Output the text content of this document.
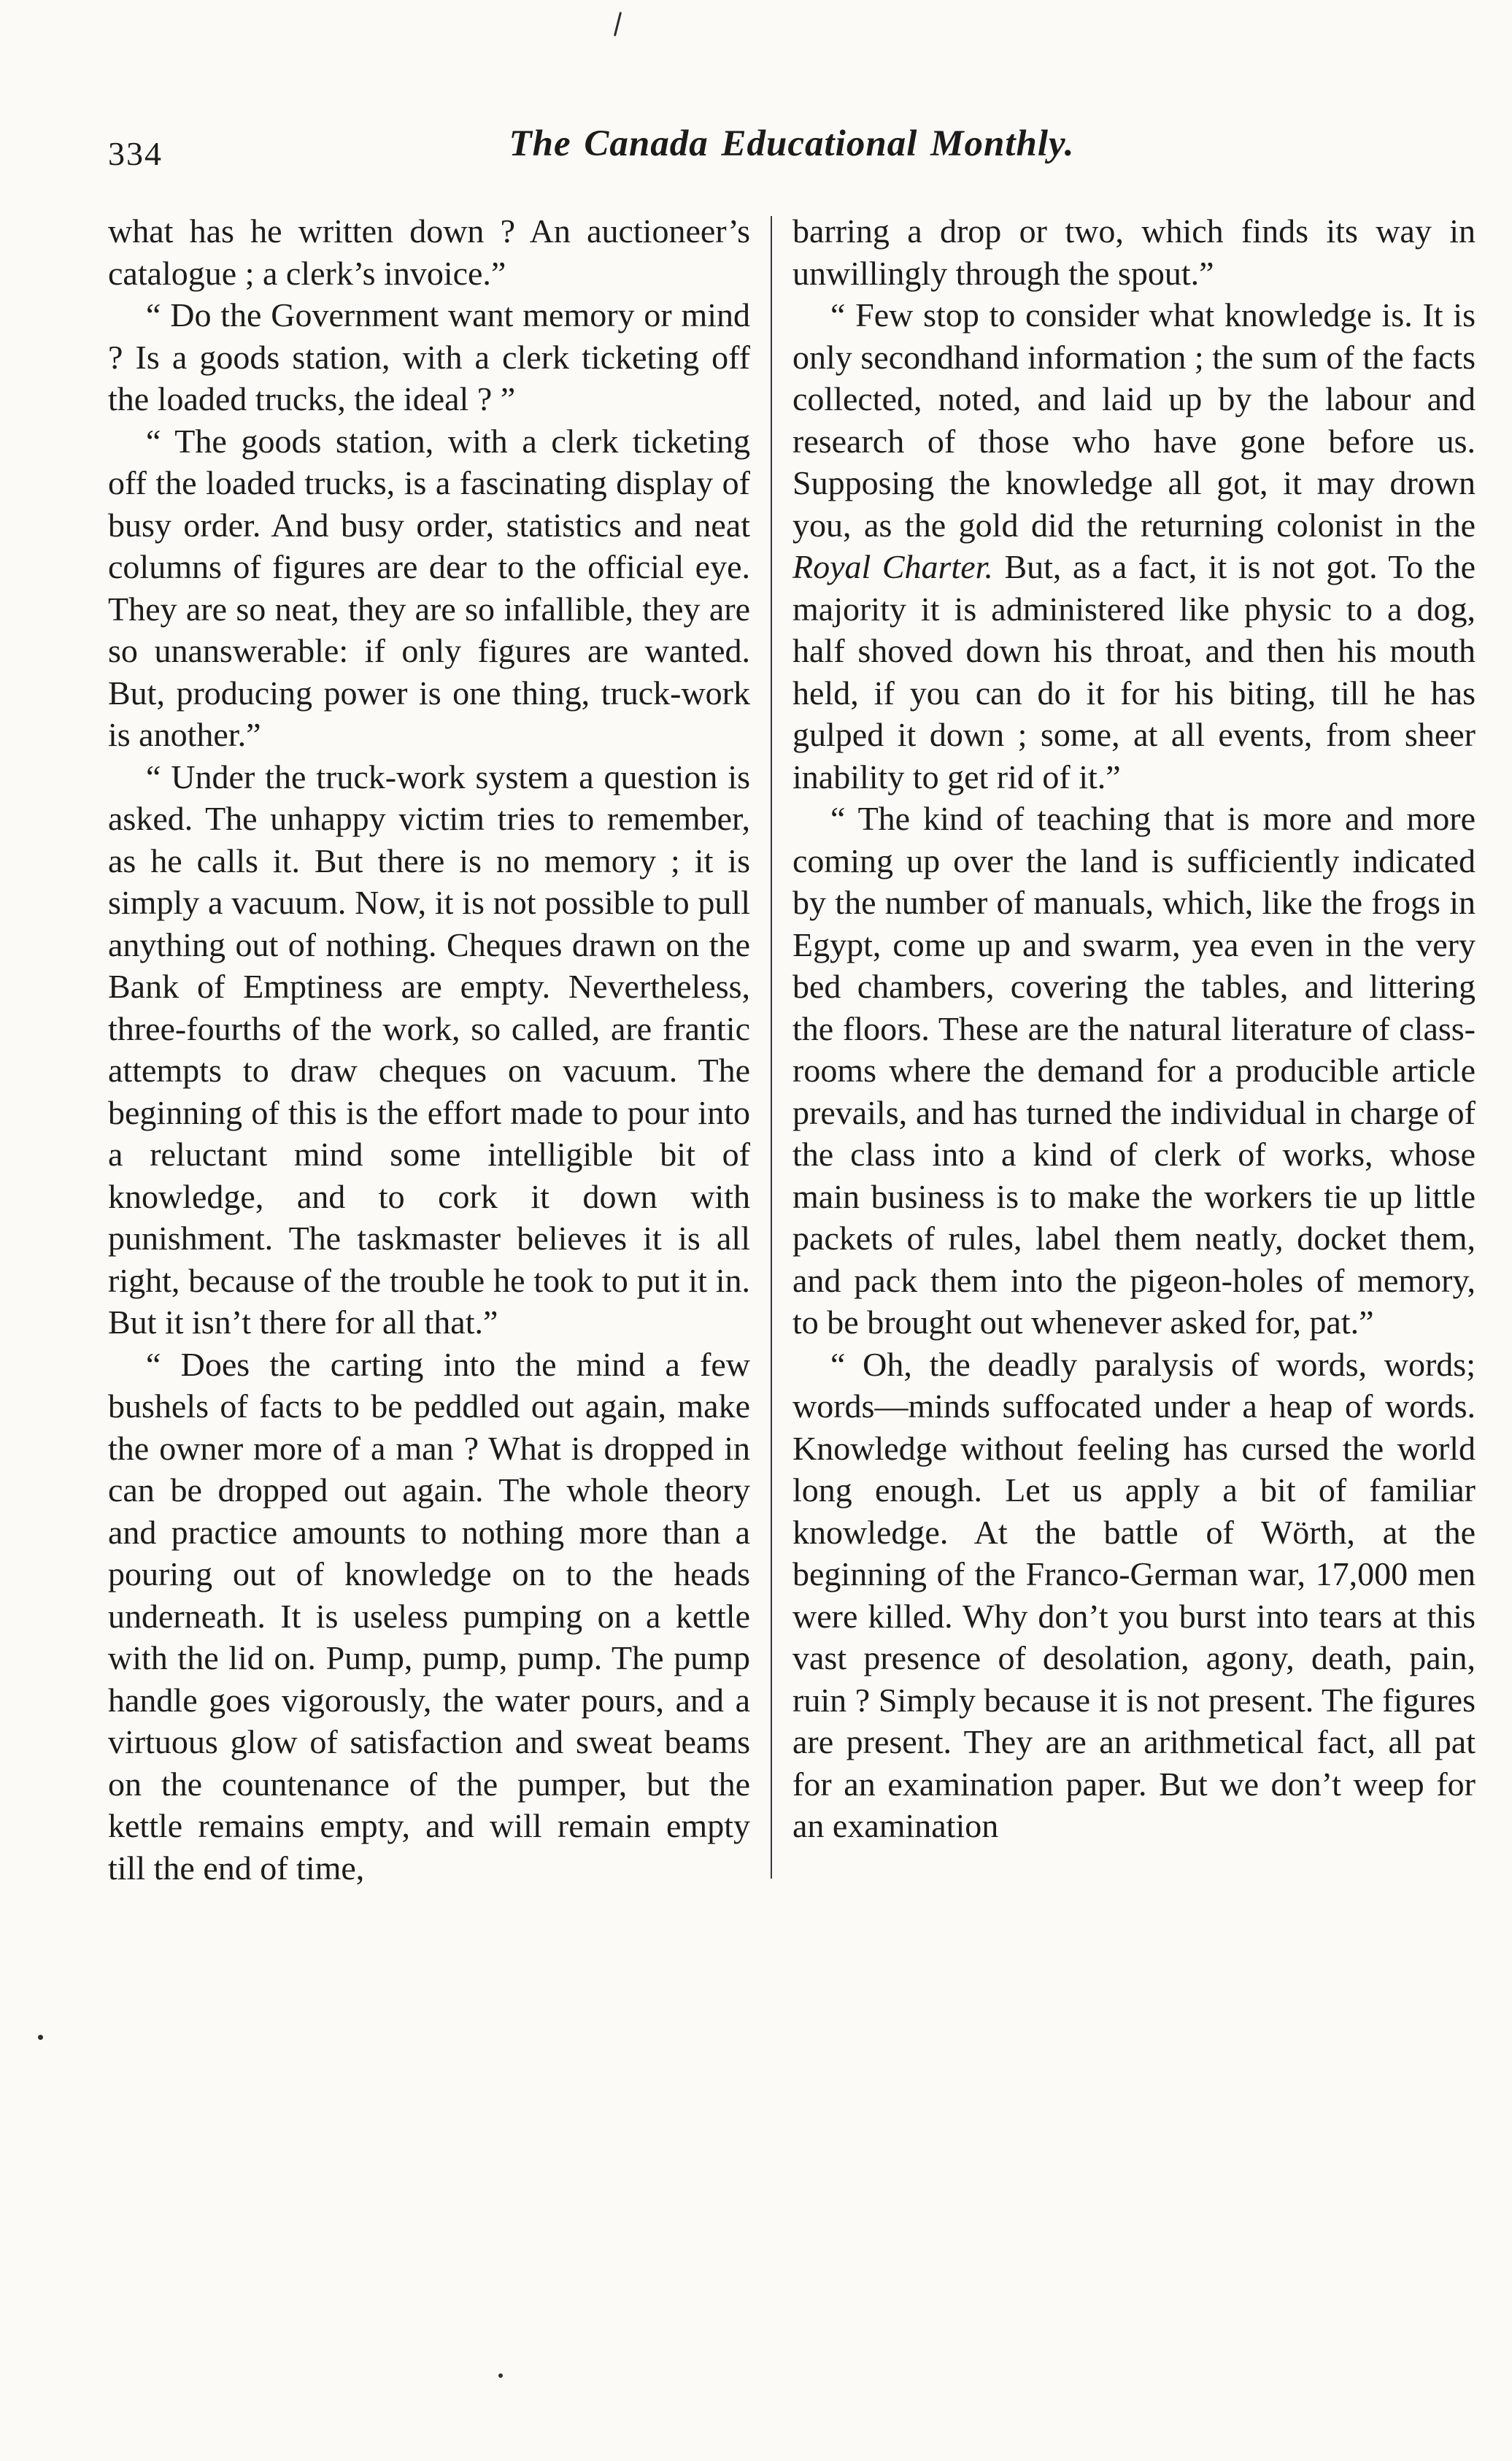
334	The Canada Educational Monthly.

what has he written down ? An auctioneer’s catalogue ; a clerk’s invoice.”

“ Do the Government want memory or mind ? Is a goods station, with a clerk ticketing off the loaded trucks, the ideal ? ”

“ The goods station, with a clerk ticketing off the loaded trucks, is a fascinating display of busy order. And busy order, statistics and neat columns of figures are dear to the official eye. They are so neat, they are so infallible, they are so unanswerable: if only figures are wanted. But, producing power is one thing, truck-work is another.”

“ Under the truck-work system a question is asked. The unhappy victim tries to remember, as he calls it. But there is no memory ; it is simply a vacuum. Now, it is not possible to pull anything out of nothing. Cheques drawn on the Bank of Emptiness are empty. Nevertheless, three-fourths of the work, so called, are frantic attempts to draw cheques on vacuum. The beginning of this is the effort made to pour into a reluctant mind some intelligible bit of knowledge, and to cork it down with punishment. The taskmaster believes it is all right, because of the trouble he took to put it in. But it isn’t there for all that.”

“ Does the carting into the mind a few bushels of facts to be peddled out again, make the owner more of a man ? What is dropped in can be dropped out again. The whole theory and practice amounts to nothing more than a pouring out of knowledge on to the heads underneath. It is useless pumping on a kettle with the lid on. Pump, pump, pump. The pump handle goes vigorously, the water pours, and a virtuous glow of satisfaction and sweat beams on the countenance of the pumper, but the kettle remains empty, and will remain empty till the end of time,

barring a drop or two, which finds its way in unwillingly through the spout.”

“ Few stop to consider what knowledge is. It is only secondhand information ; the sum of the facts collected, noted, and laid up by the labour and research of those who have gone before us. Supposing the knowledge all got, it may drown you, as the gold did the returning colonist in the Royal Charter. But, as a fact, it is not got. To the majority it is administered like physic to a dog, half shoved down his throat, and then his mouth held, if you can do it for his biting, till he has gulped it down ; some, at all events, from sheer inability to get rid of it.”

“ The kind of teaching that is more and more coming up over the land is sufficiently indicated by the number of manuals, which, like the frogs in Egypt, come up and swarm, yea even in the very bed chambers, covering the tables, and littering the floors. These are the natural literature of class-rooms where the demand for a producible article prevails, and has turned the individual in charge of the class into a kind of clerk of works, whose main business is to make the workers tie up little packets of rules, label them neatly, docket them, and pack them into the pigeon-holes of memory, to be brought out whenever asked for, pat.”

“ Oh, the deadly paralysis of words, words; words—minds suffocated under a heap of words. Knowledge without feeling has cursed the world long enough. Let us apply a bit of familiar knowledge. At the battle of Wörth, at the beginning of the Franco-German war, 17,000 men were killed. Why don’t you burst into tears at this vast presence of desolation, agony, death, pain, ruin ? Simply because it is not present. The figures are present. They are an arithmetical fact, all pat for an examination paper. But we don’t weep for an examination
